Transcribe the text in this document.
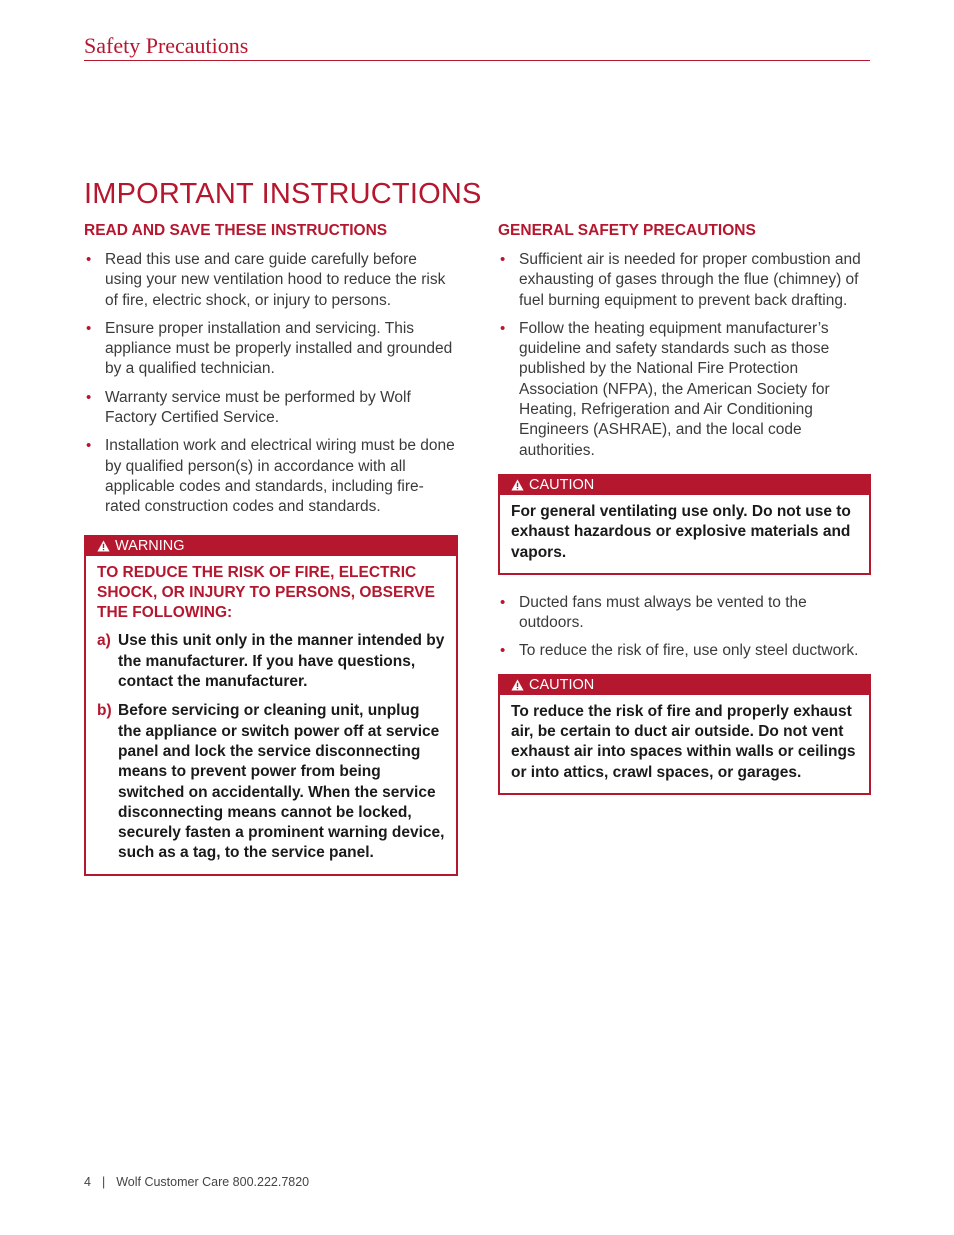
Safety Precautions
IMPORTANT INSTRUCTIONS
READ AND SAVE THESE INSTRUCTIONS
• Read this use and care guide carefully before using your new ventilation hood to reduce the risk of fire, electric shock, or injury to persons.
• Ensure proper installation and servicing. This appliance must be properly installed and grounded by a qualified technician.
• Warranty service must be performed by Wolf Factory Certified Service.
• Installation work and electrical wiring must be done by qualified person(s) in accordance with all applicable codes and standards, including fire-rated construction codes and standards.
WARNING
TO REDUCE THE RISK OF FIRE, ELECTRIC SHOCK, OR INJURY TO PERSONS, OBSERVE THE FOLLOWING:
a) Use this unit only in the manner intended by the manufacturer. If you have questions, contact the manufacturer.
b) Before servicing or cleaning unit, unplug the appliance or switch power off at service panel and lock the service disconnecting means to prevent power from being switched on accidentally. When the service disconnecting means cannot be locked, securely fasten a prominent warning device, such as a tag, to the service panel.
GENERAL SAFETY PRECAUTIONS
• Sufficient air is needed for proper combustion and exhausting of gases through the flue (chimney) of fuel burning equipment to prevent back drafting.
• Follow the heating equipment manufacturer’s guideline and safety standards such as those published by the National Fire Protection Association (NFPA), the American Society for Heating, Refrigeration and Air Conditioning Engineers (ASHRAE), and the local code authorities.
CAUTION
For general ventilating use only. Do not use to exhaust hazardous or explosive materials and vapors.
• Ducted fans must always be vented to the outdoors.
• To reduce the risk of fire, use only steel ductwork.
CAUTION
To reduce the risk of fire and properly exhaust air, be certain to duct air outside. Do not vent exhaust air into spaces within walls or ceilings or into attics, crawl spaces, or garages.
4 | Wolf Customer Care 800.222.7820
